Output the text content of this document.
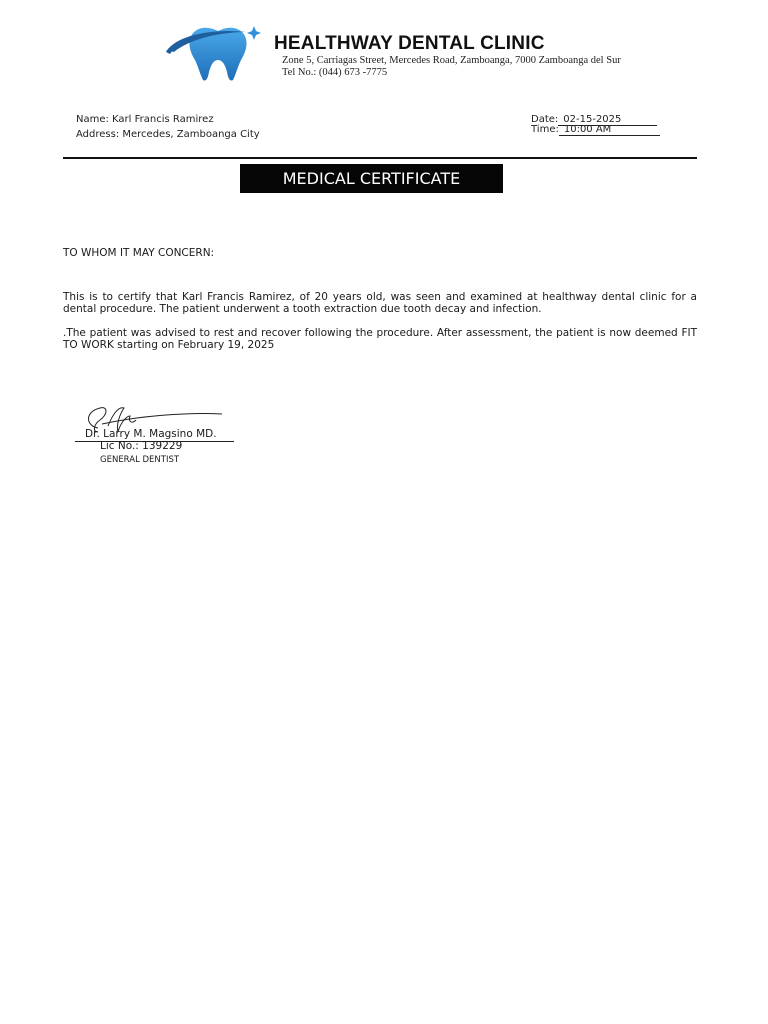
HEALTHWAY DENTAL CLINIC
Zone 5, Carriagas Street, Mercedes Road, Zamboanga, 7000 Zamboanga del Sur
Tel No.: (044) 673 -7775
Name: Karl Francis Ramirez
Address: Mercedes, Zamboanga City
Date: 02-15-2025
Time: 10:00 AM
MEDICAL CERTIFICATE
TO WHOM IT MAY CONCERN:
This is to certify that Karl Francis Ramirez, of 20 years old, was seen and examined at healthway dental clinic for a dental procedure. The patient underwent a tooth extraction due tooth decay and infection.
.The patient was advised to rest and recover following the procedure. After assessment, the patient is now deemed FIT TO WORK starting on February 19, 2025
Dr. Larry M. Magsino MD.
Lic No.: 139229
GENERAL DENTIST
